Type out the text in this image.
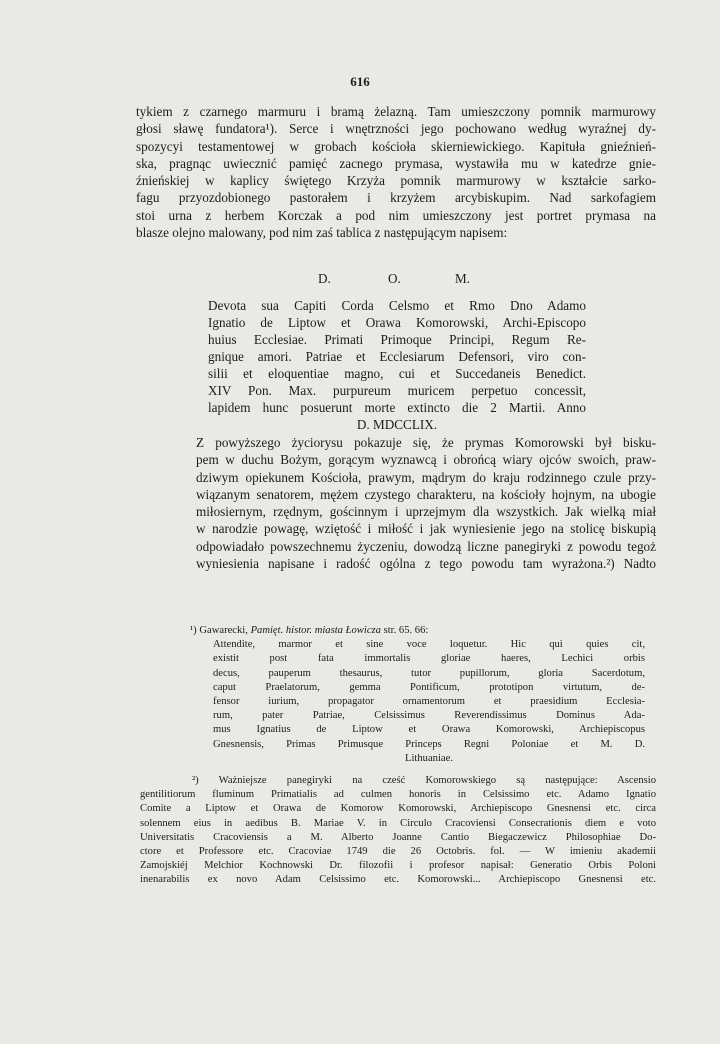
616
tykiem z czarnego marmuru i bramą żelazną. Tam umieszczony pomnik marmurowy
głosi sławę fundatora¹). Serce i wnętrzności jego pochowano według wyraźnej dy-
spozycyi testamentowej w grobach kościoła skierniewickiego. Kapituła gnieźnień-
ska, pragnąc uwiecznić pamięć zacnego prymasa, wystawiła mu w katedrze gnie-
źnieńskiej w kaplicy świętego Krzyża pomnik marmurowy w kształcie sarko-
fagu przyozdobionego pastorałem i krzyżem arcybiskupim. Nad sarkofagiem
stoi urna z herbem Korczak a pod nim umieszczony jest portret prymasa na
blasze olejno malowany, pod nim zaś tablica z następującym napisem:
D.	O.	M.
Devota sua Capiti Corda Celsmo et Rmo Dno Adamo
Ignatio de Liptow et Orawa Komorowski, Archi-Episcopo
huius Ecclesiae. Primati Primoque Principi, Regum Re-
gnique amori. Patriae et Ecclesiarum Defensori, viro con-
silii et eloquentiae magno, cui et Succedaneis Benedict.
XIV Pon. Max. purpureum muricem perpetuo concessit,
lapidem hunc posuerunt morte extincto die 2 Martii. Anno
D. MDCCLIX.
Z powyższego życiorysu pokazuje się, że prymas Komorowski był bisku-
pem w duchu Bożym, gorącym wyznawcą i obrońcą wiary ojców swoich, praw-
dziwym opiekunem Kościoła, prawym, mądrym do kraju rodzinnego czule przy-
wiązanym senatorem, mężem czystego charakteru, na kościoły hojnym, na ubogie
miłosiernym, rzędnym, gościnnym i uprzejmym dla wszystkich. Jak wielką miał
w narodzie powagę, wziętość i miłość i jak wyniesienie jego na stolicę biskupią
odpowiadało powszechnemu życzeniu, dowodzą liczne panegiryki z powodu tegoż
wyniesienia napisane i radość ogólna z tego powodu tam wyrażona.²) Nadto
¹) Gawarecki, Pamięt. histor. miasta Łowicza str. 65. 66:
Attendite, marmor et sine voce loquetur. Hic qui quies cit,
existit post fata immortalis gloriae haeres, Lechici orbis
decus, pauperum thesaurus, tutor pupillorum, gloria Sacerdotum,
caput Praelatorum, gemma Pontificum, prototipon virtutum, de-
fensor iurium, propagator ornamentorum et praesidium Ecclesia-
rum, pater Patriae, Celsissimus Reverendissimus Dominus Ada-
mus Ignatius de Liptow et Orawa Komorowski, Archiepiscopus
Gnesnensis, Primas Primusque Princeps Regni Poloniae et M. D.
Lithuaniae.
²) Ważniejsze panegiryki na cześć Komorowskiego są następujące: Ascensio
gentilitiorum fluminum Primatialis ad culmen honoris in Celsissimo etc. Adamo Ignatio
Comite a Liptow et Orawa de Komorow Komorowski, Archiepiscopo Gnesnensi etc. circa
solennem eius in aedibus B. Mariae V. in Circulo Cracoviensi Consecrationis diem e voto
Universitatis Cracoviensis a M. Alberto Joanne Cantio Biegaczewicz Philosophiae Do-
ctore et Professore etc. Cracoviae 1749 die 26 Octobris. fol. — W imieniu akademii
Zamojskiéj Melchior Kochnowski Dr. filozofii i profesor napisał: Generatio Orbis Poloni
inenarabilis ex novo Adam Celsissimo etc. Komorowski... Archiepiscopo Gnesnensi etc.
